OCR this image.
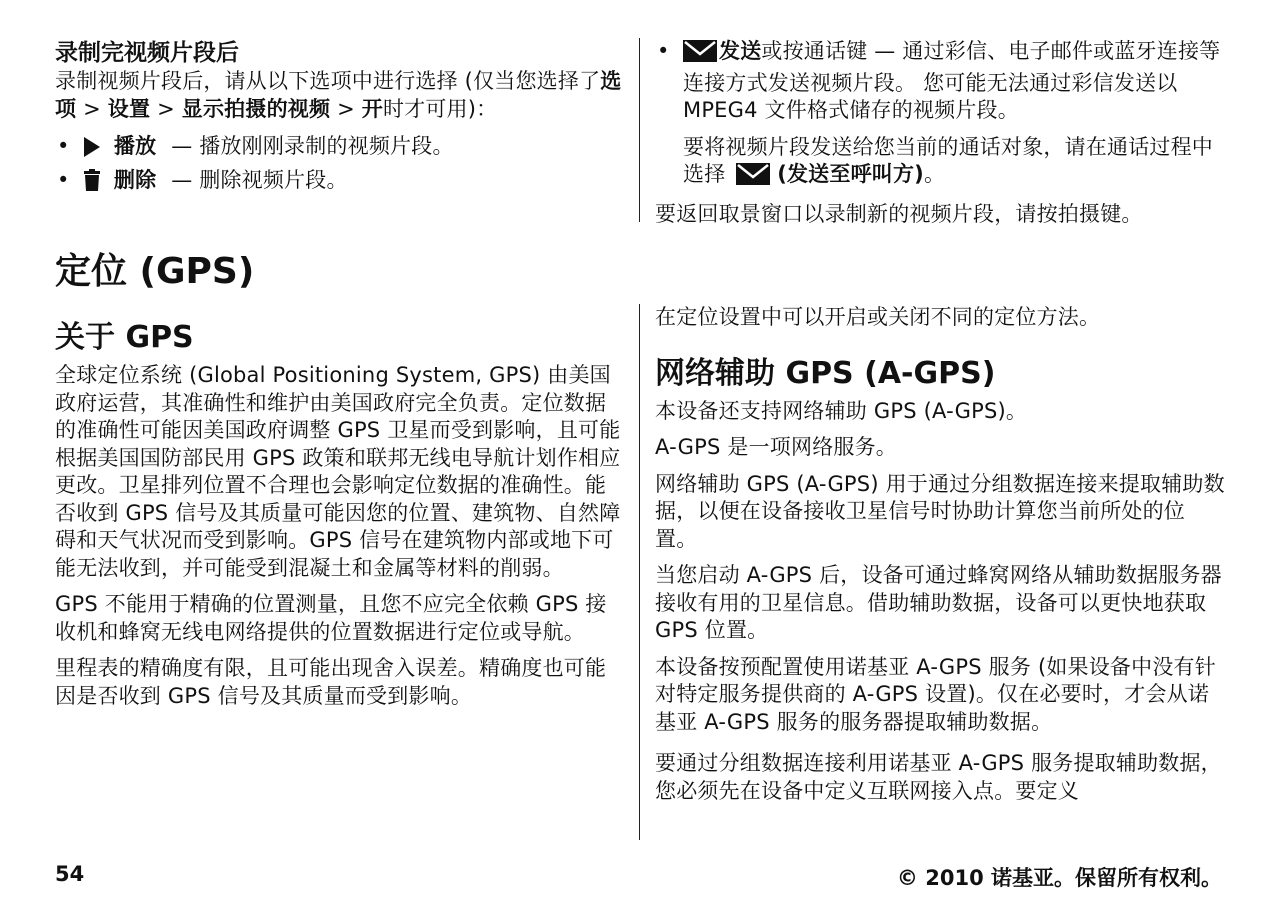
录制完视频片段后

录制视频片段后，请从以下选项中进行选择 (仅当您选择了选项 > 设置 > 显示拍摄的视频 > 开时才可用)：

• 播放 — 播放刚刚录制的视频片段。
• 删除 — 删除视频片段。
• 发送或按通话键 — 通过彩信、电子邮件或蓝牙连接等连接方式发送视频片段。 您可能无法通过彩信发送以 MPEG4 文件格式储存的视频片段。

要将视频片段发送给您当前的通话对象，请在通话过程中选择 (发送至呼叫方)。

要返回取景窗口以录制新的视频片段，请按拍摄键。

定位 (GPS)
关于 GPS

全球定位系统 (Global Positioning System, GPS) 由美国政府运营，其准确性和维护由美国政府完全负责。定位数据的准确性可能因美国政府调整 GPS 卫星而受到影响，且可能根据美国国防部民用 GPS 政策和联邦无线电导航计划作相应更改。卫星排列位置不合理也会影响定位数据的准确性。能否收到 GPS 信号及其质量可能因您的位置、建筑物、自然障碍和天气状况而受到影响。GPS 信号在建筑物内部或地下可能无法收到，并可能受到混凝土和金属等材料的削弱。

GPS 不能用于精确的位置测量，且您不应完全依赖 GPS 接收机和蜂窝无线电网络提供的位置数据进行定位或导航。

里程表的精确度有限，且可能出现舍入误差。精确度也可能因是否收到 GPS 信号及其质量而受到影响。

在定位设置中可以开启或关闭不同的定位方法。

网络辅助 GPS (A-GPS)

本设备还支持网络辅助 GPS (A-GPS)。

A-GPS 是一项网络服务。

网络辅助 GPS (A-GPS) 用于通过分组数据连接来提取辅助数据，以便在设备接收卫星信号时协助计算您当前所处的位置。

当您启动 A-GPS 后，设备可通过蜂窝网络从辅助数据服务器接收有用的卫星信息。借助辅助数据，设备可以更快地获取 GPS 位置。

本设备按预配置使用诺基亚 A-GPS 服务 (如果设备中没有针对特定服务提供商的 A-GPS 设置)。仅在必要时，才会从诺基亚 A-GPS 服务的服务器提取辅助数据。

要通过分组数据连接利用诺基亚 A-GPS 服务提取辅助数据，您必须先在设备中定义互联网接入点。要定义

54	© 2010 诺基亚。保留所有权利。
